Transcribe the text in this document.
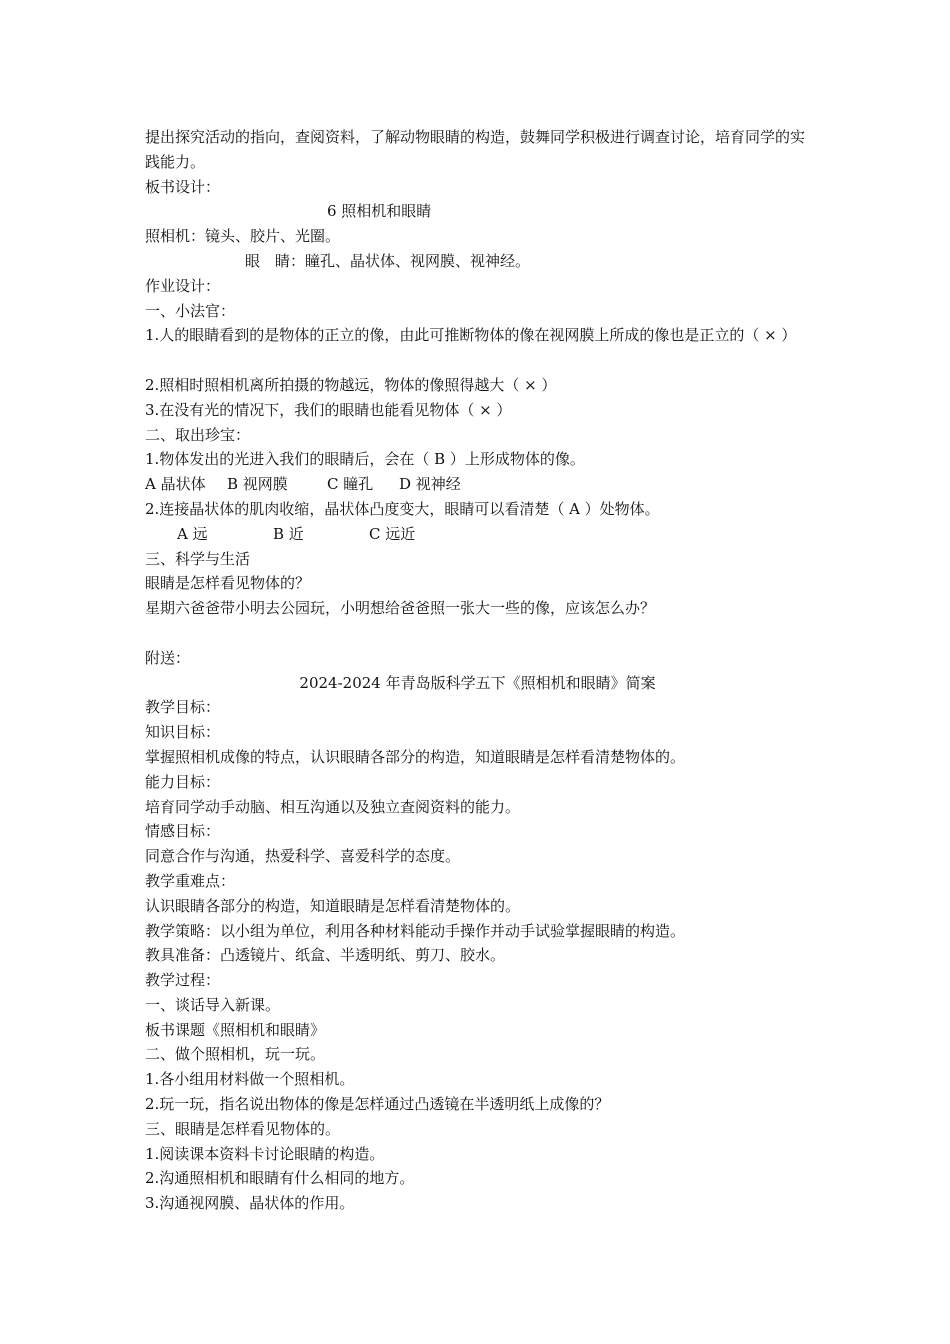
提出探究活动的指向，查阅资料，了解动物眼睛的构造，鼓舞同学积极进行调查讨论，培育同学的实践能力。
板书设计：
6 照相机和眼睛
照相机：镜头、胶片、光圈。
眼　睛：瞳孔、晶状体、视网膜、视神经。
作业设计：
一、小法官：
1.人的眼睛看到的是物体的正立的像，由此可推断物体的像在视网膜上所成的像也是正立的（ × ）
2.照相时照相机离所拍摄的物越远，物体的像照得越大（ × ）
3.在没有光的情况下，我们的眼睛也能看见物体（ × ）
二、取出珍宝：
1.物体发出的光进入我们的眼睛后，会在（ B ）上形成物体的像。
A 晶状体 B 视网膜	C 瞳孔 D 视神经
2.连接晶状体的肌肉收缩，晶状体凸度变大，眼睛可以看清楚（ A ）处物体。
A 远	B 近	C 远近
三、科学与生活
眼睛是怎样看见物体的？
星期六爸爸带小明去公园玩，小明想给爸爸照一张大一些的像，应该怎么办？
附送：
2024-2024 年青岛版科学五下《照相机和眼睛》简案
教学目标：
知识目标：
掌握照相机成像的特点，认识眼睛各部分的构造，知道眼睛是怎样看清楚物体的。
能力目标：
培育同学动手动脑、相互沟通以及独立查阅资料的能力。
情感目标：
同意合作与沟通，热爱科学、喜爱科学的态度。
教学重难点：
认识眼睛各部分的构造，知道眼睛是怎样看清楚物体的。
教学策略：以小组为单位，利用各种材料能动手操作并动手试验掌握眼睛的构造。
教具准备：凸透镜片、纸盒、半透明纸、剪刀、胶水。
教学过程：
一、谈话导入新课。
板书课题《照相机和眼睛》
二、做个照相机，玩一玩。
1.各小组用材料做一个照相机。
2.玩一玩，指名说出物体的像是怎样通过凸透镜在半透明纸上成像的？
三、眼睛是怎样看见物体的。
1.阅读课本资料卡讨论眼睛的构造。
2.沟通照相机和眼睛有什么相同的地方。
3.沟通视网膜、晶状体的作用。
